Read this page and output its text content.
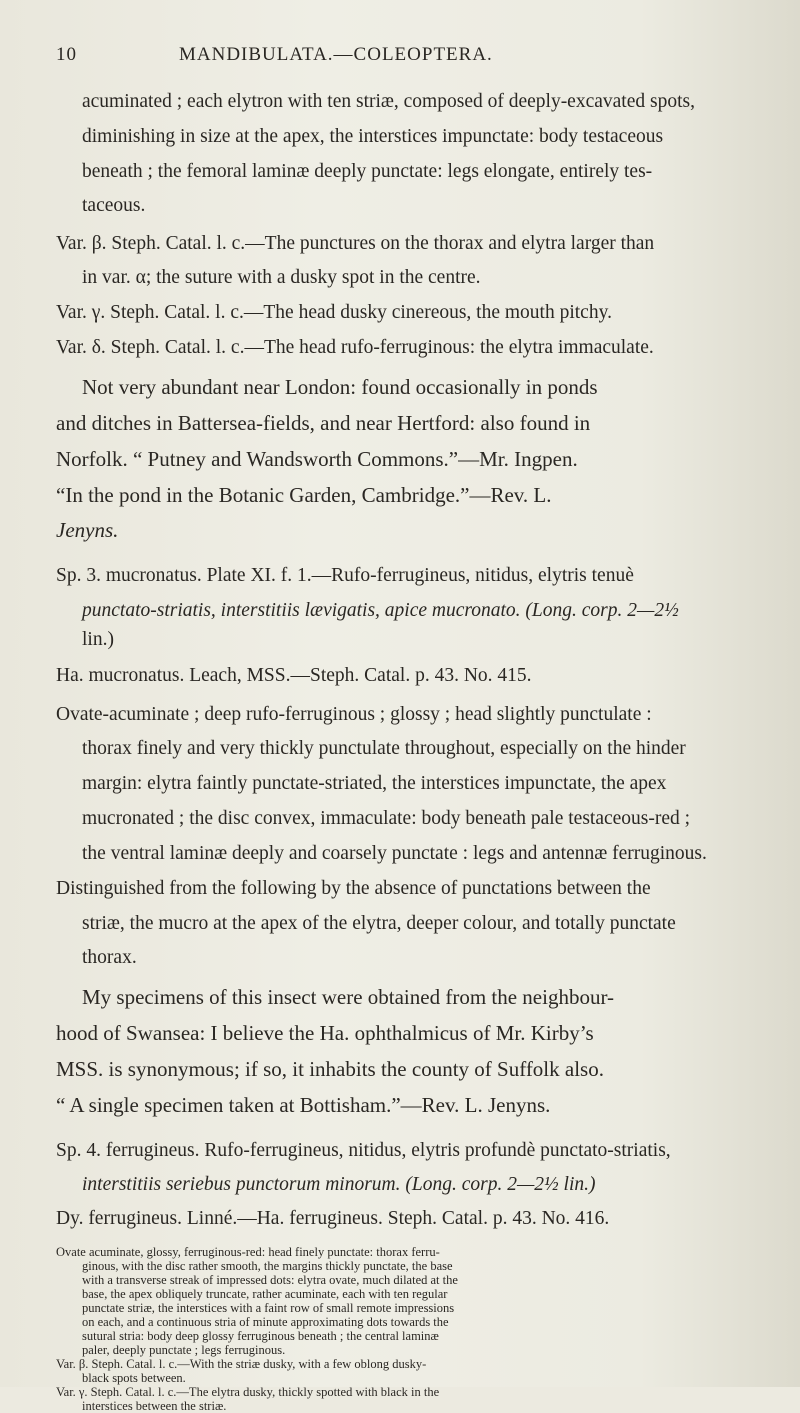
10	MANDIBULATA.—COLEOPTERA.
acuminated ; each elytron with ten striæ, composed of deeply-excavated spots,
diminishing in size at the apex, the interstices impunctate: body testaceous
beneath ; the femoral laminæ deeply punctate: legs elongate, entirely tes-
taceous.
Var. β. Steph. Catal. l. c.—The punctures on the thorax and elytra larger than
in var. α; the suture with a dusky spot in the centre.
Var. γ. Steph. Catal. l. c.—The head dusky cinereous, the mouth pitchy.
Var. δ. Steph. Catal. l. c.—The head rufo-ferruginous: the elytra immaculate.
Not very abundant near London: found occasionally in ponds
and ditches in Battersea-fields, and near Hertford: also found in
Norfolk. “ Putney and Wandsworth Commons.”—Mr. Ingpen.
“In the pond in the Botanic Garden, Cambridge.”—Rev. L.
Jenyns.
Sp. 3. mucronatus. Plate XI. f. 1.—Rufo-ferrugineus, nitidus, elytris tenuè
punctato-striatis, interstitiis lævigatis, apice mucronato. (Long. corp. 2—2½
lin.)
Ha. mucronatus. Leach, MSS.—Steph. Catal. p. 43. No. 415.
Ovate-acuminate ; deep rufo-ferruginous ; glossy ; head slightly punctulate :
thorax finely and very thickly punctulate throughout, especially on the hinder
margin: elytra faintly punctate-striated, the interstices impunctate, the apex
mucronated ; the disc convex, immaculate: body beneath pale testaceous-red ;
the ventral laminæ deeply and coarsely punctate : legs and antennæ ferruginous.
Distinguished from the following by the absence of punctations between the
striæ, the mucro at the apex of the elytra, deeper colour, and totally punctate
thorax.
My specimens of this insect were obtained from the neighbour-
hood of Swansea: I believe the Ha. ophthalmicus of Mr. Kirby’s
MSS. is synonymous; if so, it inhabits the county of Suffolk also.
“ A single specimen taken at Bottisham.”—Rev. L. Jenyns.
Sp. 4. ferrugineus. Rufo-ferrugineus, nitidus, elytris profundè punctato-striatis,
interstitiis seriebus punctorum minorum. (Long. corp. 2—2½ lin.)
Dy. ferrugineus. Linné.—Ha. ferrugineus. Steph. Catal. p. 43. No. 416.
Ovate acuminate, glossy, ferruginous-red: head finely punctate: thorax ferru-
ginous, with the disc rather smooth, the margins thickly punctate, the base
with a transverse streak of impressed dots: elytra ovate, much dilated at the
base, the apex obliquely truncate, rather acuminate, each with ten regular
punctate striæ, the interstices with a faint row of small remote impressions
on each, and a continuous stria of minute approximating dots towards the
sutural stria: body deep glossy ferruginous beneath ; the central laminæ
paler, deeply punctate ; legs ferruginous.
Var. β. Steph. Catal. l. c.—With the striæ dusky, with a few oblong dusky-
black spots between.
Var. γ. Steph. Catal. l. c.—The elytra dusky, thickly spotted with black in the
interstices between the striæ.
